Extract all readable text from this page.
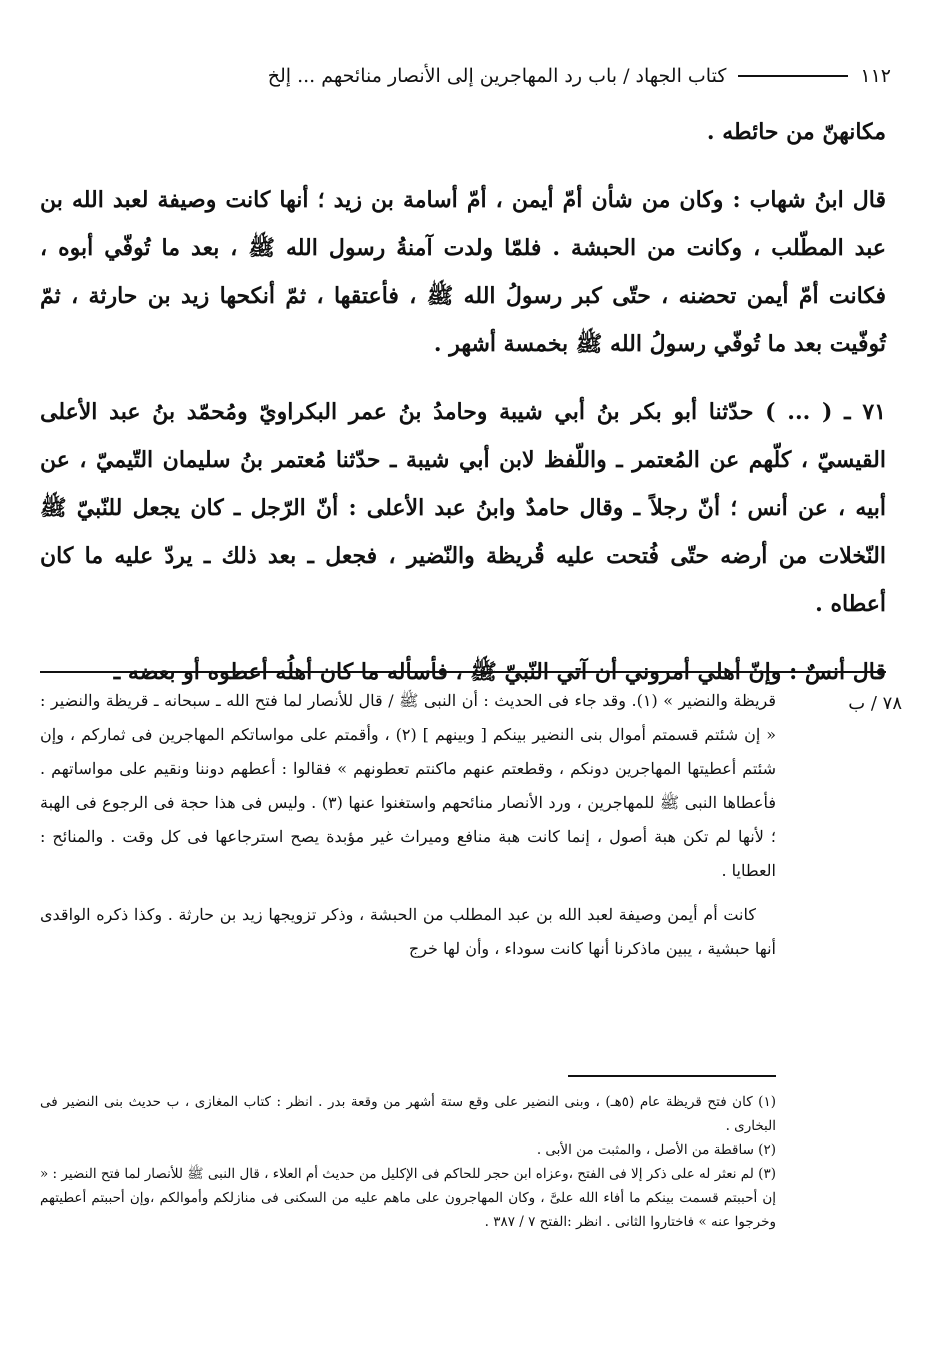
١١٢
كتاب الجهاد / باب رد المهاجرين إلى الأنصار منائحهم ... إلخ

مكانهنّ من حائطه .

قال ابنُ شهاب : وكان من شأن أمّ أيمن ، أمّ أسامة بن زيد ؛ أنها كانت وصيفة لعبد الله بن عبد المطّلب ، وكانت من الحبشة . فلمّا ولدت آمنةُ رسول الله ﷺ ، بعد ما تُوفّي أبوه ، فكانت أمّ أيمن تحضنه ، حتّى كبر رسولُ الله ﷺ ، فأعتقها ، ثمّ أنكحها زيد بن حارثة ، ثمّ تُوفّيت بعد ما تُوفّي رسولُ الله ﷺ بخمسة أشهر .

٧١ ـ ( ... ) حدّثنا أبو بكر بنُ أبي شيبة وحامدُ بنُ عمر البكراويّ ومُحمّد بنُ عبد الأعلى القيسيّ ، كلّهم عن المُعتمر ـ واللّفظ لابن أبي شيبة ـ حدّثنا مُعتمر بنُ سليمان التّيميّ ، عن أبيه ، عن أنس ؛ أنّ رجلاً ـ وقال حامدٌ وابنُ عبد الأعلى : أنّ الرّجل ـ كان يجعل للنّبيّ ﷺ النّخلات من أرضه حتّى فُتحت عليه قُريظة والنّضير ، فجعل ـ بعد ذلك ـ يردّ عليه ما كان أعطاه .

قال أنسٌ : وإنّ أهلي أمروني أن آتي النّبيّ ﷺ ، فأسأله ما كان أهلُه أعطوه أو بعضه ـ

٧٨ / ب

قريظة والنضير » (١). وقد جاء فى الحديث : أن النبى ﷺ / قال للأنصار لما فتح الله ـ سبحانه ـ قريظة والنضير : « إن شئتم قسمتم أموال بنى النضير بينكم [ وبينهم ] (٢) ، وأقمتم على مواساتكم المهاجرين فى ثماركم ، وإن شئتم أعطيتها المهاجرين دونكم ، وقطعتم عنهم ماكنتم تعطونهم » فقالوا : أعطهم دوننا ونقيم على مواساتهم . فأعطاها النبى ﷺ للمهاجرين ، ورد الأنصار منائحهم واستغنوا عنها (٣) . وليس فى هذا حجة فى الرجوع فى الهبة ؛ لأنها لم تكن هبة أصول ، إنما كانت هبة منافع وميراث غير مؤبدة يصح استرجاعها فى كل وقت . والمنائح : العطايا .

كانت أم أيمن وصيفة لعبد الله بن عبد المطلب من الحبشة ، وذكر تزويجها زيد بن حارثة . وكذا ذكره الواقدى أنها حبشية ، يبين ماذكرنا أنها كانت سوداء ، وأن لها خرج

(١) كان فتح قريظة عام (٥هـ) ، وبنى النضير على وقع ستة أشهر من وقعة بدر . انظر : كتاب المغازى ، ب حديث بنى النضير فى البخارى .

(٢) ساقطة من الأصل ، والمثبت من الأبى .

(٣) لم نعثر له على ذكر إلا فى الفتح ،وعزاه ابن حجر للحاكم فى الإكليل من حديث أم العلاء ، قال النبى ﷺ للأنصار لما فتح النضير : « إن أحببتم قسمت بينكم ما أفاء الله علىَّ ، وكان المهاجرون على ماهم عليه من السكنى فى منازلكم وأموالكم ،وإن أحببتم أعطيتهم وخرجوا عنه » فاختاروا الثانى . انظر :الفتح ٧ / ٣٨٧ .
